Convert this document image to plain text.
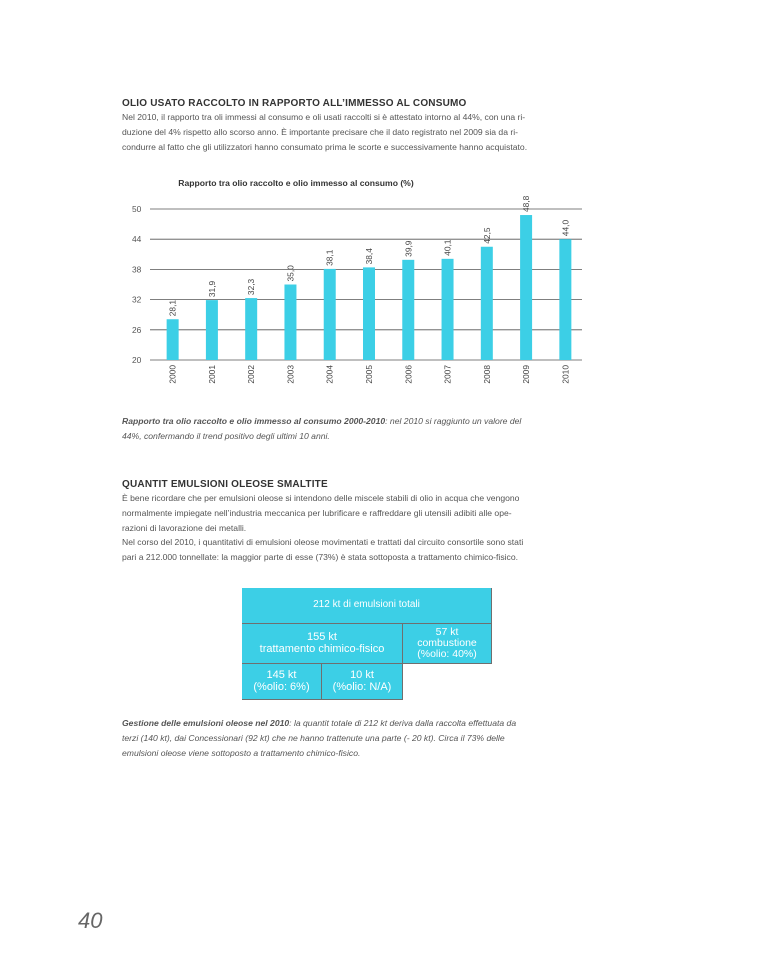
OLIO USATO RACCOLTO IN RAPPORTO ALL’IMMESSO AL CONSUMO

Nel 2010, il rapporto tra oli immessi al consumo e oli usati raccolti si è attestato intorno al 44%, con una ri-
duzione del 4% rispetto allo scorso anno. È importante precisare che il dato registrato nel 2009 sia da ri-
condurre al fatto che gli utilizzatori hanno consumato prima le scorte e successivamente hanno acquistato.
Rapporto tra olio raccolto e olio immesso al consumo (%)
20
26
32
38
44
50
28,1
2000
31,9
2001
32,3
2002
35,0
2003
38,1
2004
38,4
2005
39,9
2006
40,1
2007
42,5
2008
48,8
2009
44,0
2010
Rapporto tra olio raccolto e olio immesso al consumo 2000-2010: nel 2010 si raggiunto un valore del
44%, confermando il trend positivo degli ultimi 10 anni.

QUANTIT EMULSIONI OLEOSE SMALTITE

È bene ricordare che per emulsioni oleose si intendono delle miscele stabili di olio in acqua che vengono
normalmente impiegate nell’industria meccanica per lubrificare e raffreddare gli utensili adibiti alle ope-
razioni di lavorazione dei metalli.
Nel corso del 2010, i quantitativi di emulsioni oleose movimentati e trattati dal circuito consortile sono stati
pari a 212.000 tonnellate: la maggior parte di esse (73%) è stata sottoposta a trattamento chimico-fisico.
212 kt di emulsioni totali
155 kt
trattamento chimico-fisico
57 kt
combustione
(%olio: 40%)
145 kt
(%olio: 6%)
10 kt
(%olio: N/A)
Gestione delle emulsioni oleose nel 2010: la quantit totale di 212 kt deriva dalla raccolta effettuata da
terzi (140 kt), dai Concessionari (92 kt) che ne hanno trattenute una parte (- 20 kt). Circa il 73% delle
emulsioni oleose viene sottoposto a trattamento chimico-fisico.
40
